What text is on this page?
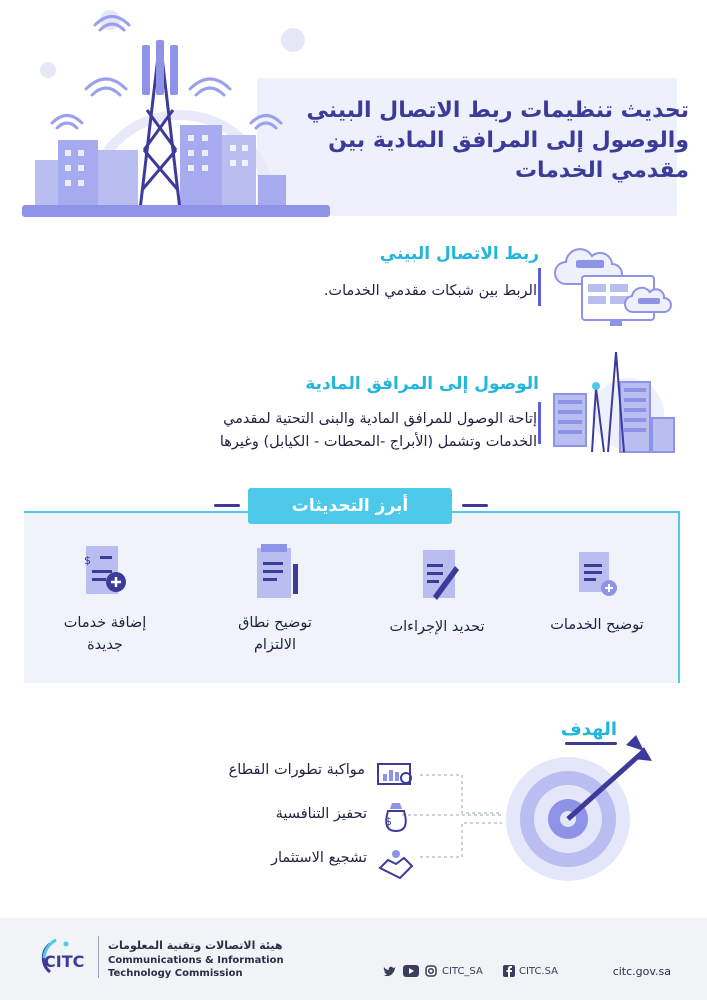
تحديث تنظيمات ربط الاتصال البيني
والوصول إلى المرافق المادية بين
مقدمي الخدمات
ربط الاتصال البيني
الربط بين شبكات مقدمي الخدمات.
الوصول إلى المرافق المادية
إتاحة الوصول للمرافق المادية والبنى التحتية لمقدمي
الخدمات وتشمل (الأبراج -المحطات - الكيابل) وغيرها
أبرز التحديثات
توضيح الخدمات
تحديد الإجراءات
توضيح نطاق
الالتزام
$
إضافة خدمات
جديدة
الهدف
مواكبة تطورات القطاع
$
تحفيز التنافسية
تشجيع الاستثمار
CITC
هيئة الاتصالات وتقنية المعلومات
Communications & Information
Technology Commission	CITC_SA	CITC.SA	citc.gov.sa
